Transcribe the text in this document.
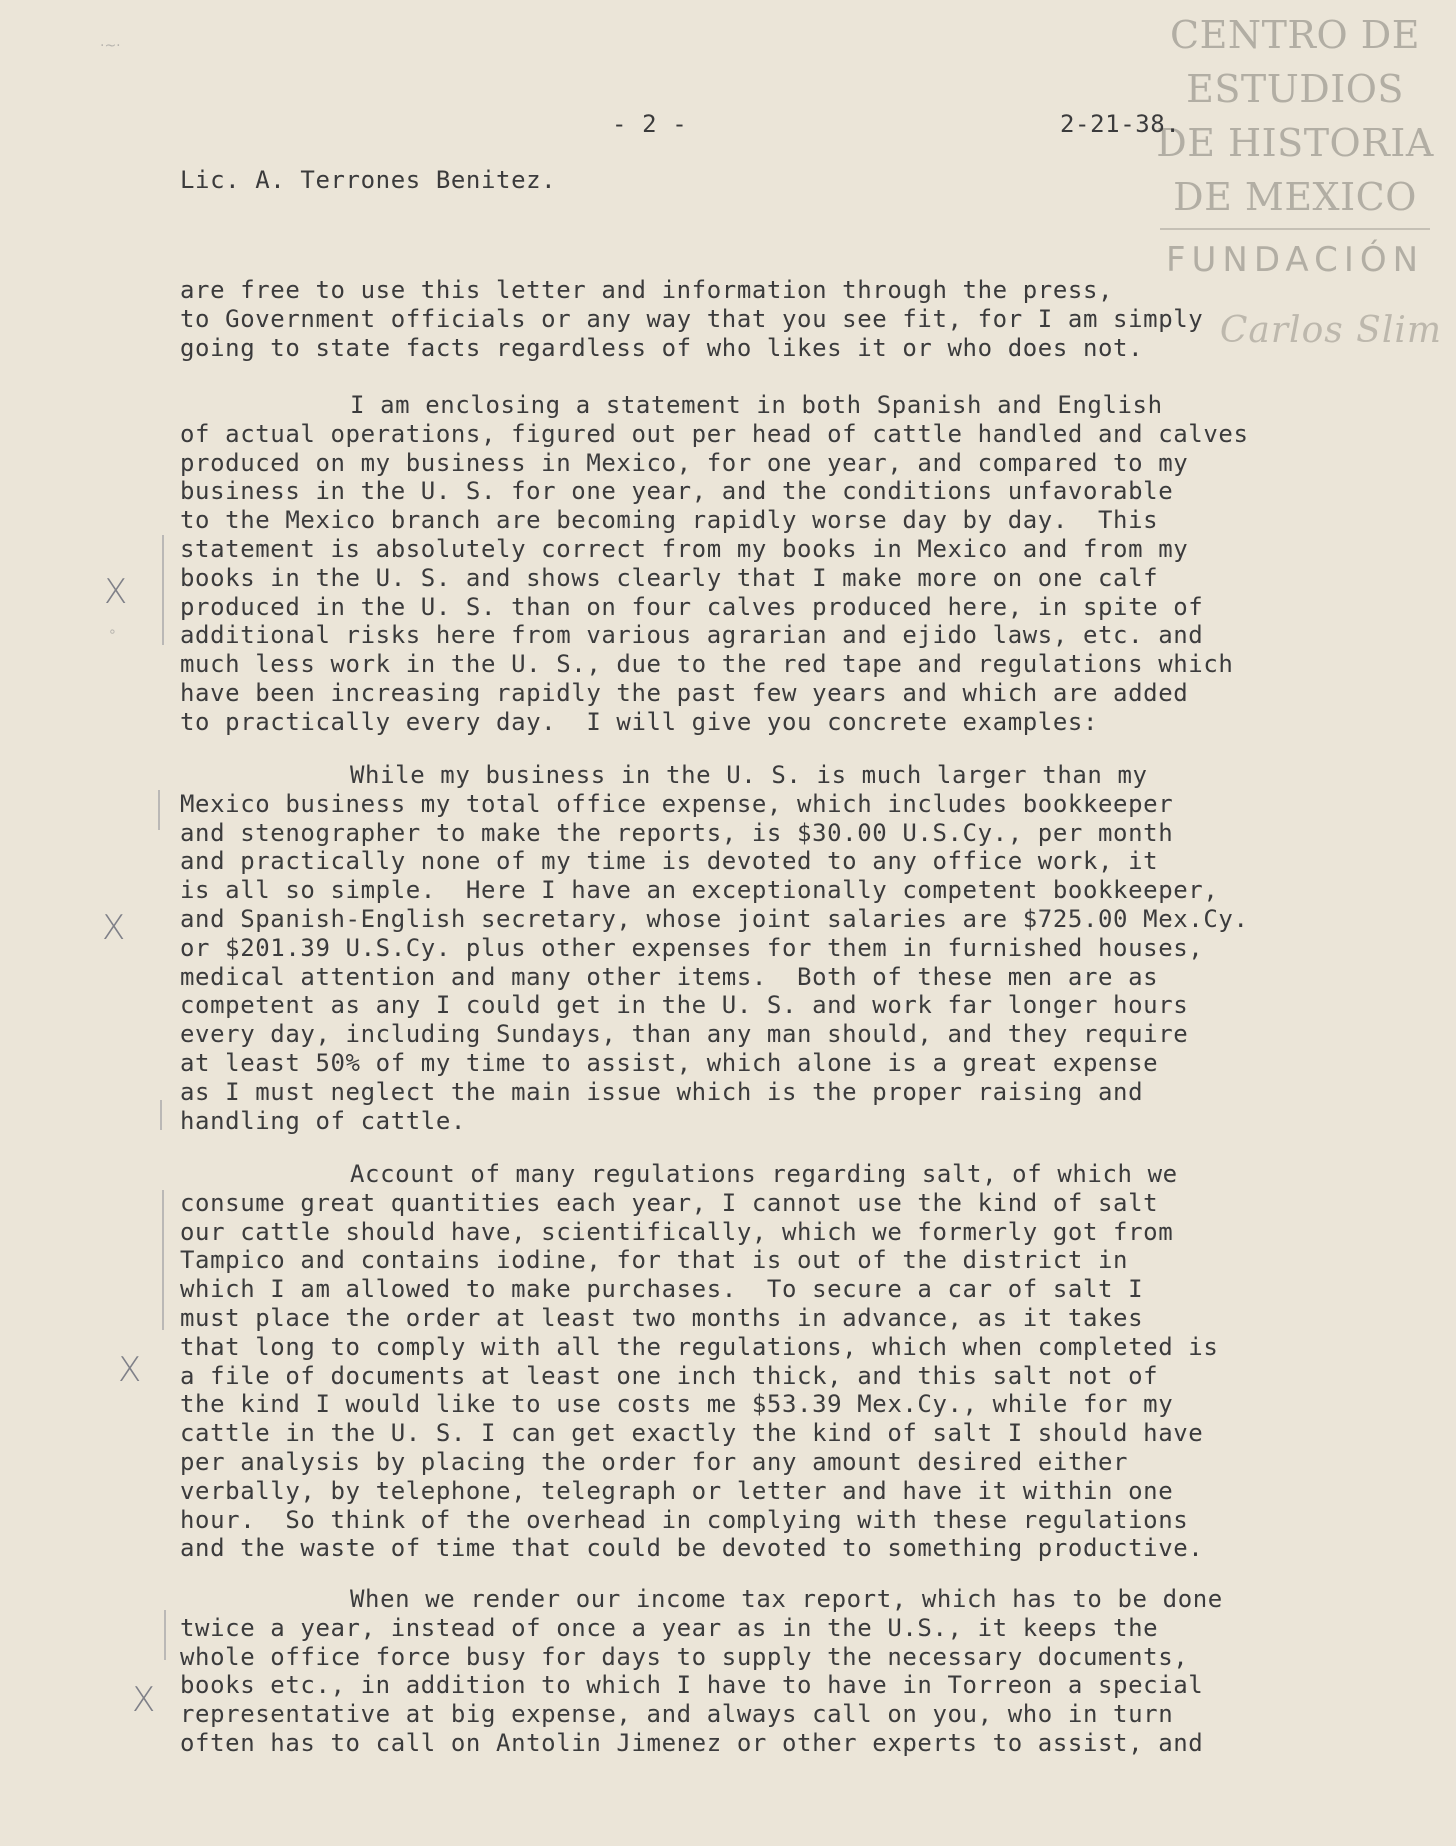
CENTRO DE
ESTUDIOS
DE HISTORIA
DE MEXICO
FUNDACIÓN
Carlos Slim
- 2 -	2-21-38.
Lic. A. Terrones Benitez.
are free to use this letter and information through the press,
to Government officials or any way that you see fit, for I am simply
going to state facts regardless of who likes it or who does not.
I am enclosing a statement in both Spanish and English
of actual operations, figured out per head of cattle handled and calves
produced on my business in Mexico, for one year, and compared to my
business in the U. S. for one year, and the conditions unfavorable
to the Mexico branch are becoming rapidly worse day by day.  This
statement is absolutely correct from my books in Mexico and from my
books in the U. S. and shows clearly that I make more on one calf
produced in the U. S. than on four calves produced here, in spite of
additional risks here from various agrarian and ejido laws, etc. and
much less work in the U. S., due to the red tape and regulations which
have been increasing rapidly the past few years and which are added
to practically every day.  I will give you concrete examples:
While my business in the U. S. is much larger than my
Mexico business my total office expense, which includes bookkeeper
and stenographer to make the reports, is $30.00 U.S.Cy., per month
and practically none of my time is devoted to any office work, it
is all so simple.  Here I have an exceptionally competent bookkeeper,
and Spanish-English secretary, whose joint salaries are $725.00 Mex.Cy.
or $201.39 U.S.Cy. plus other expenses for them in furnished houses,
medical attention and many other items.  Both of these men are as
competent as any I could get in the U. S. and work far longer hours
every day, including Sundays, than any man should, and they require
at least 50% of my time to assist, which alone is a great expense
as I must neglect the main issue which is the proper raising and
handling of cattle.
Account of many regulations regarding salt, of which we
consume great quantities each year, I cannot use the kind of salt
our cattle should have, scientifically, which we formerly got from
Tampico and contains iodine, for that is out of the district in
which I am allowed to make purchases.  To secure a car of salt I
must place the order at least two months in advance, as it takes
that long to comply with all the regulations, which when completed is
a file of documents at least one inch thick, and this salt not of
the kind I would like to use costs me $53.39 Mex.Cy., while for my
cattle in the U. S. I can get exactly the kind of salt I should have
per analysis by placing the order for any amount desired either
verbally, by telephone, telegraph or letter and have it within one
hour.  So think of the overhead in complying with these regulations
and the waste of time that could be devoted to something productive.
When we render our income tax report, which has to be done
twice a year, instead of once a year as in the U.S., it keeps the
whole office force busy for days to supply the necessary documents,
books etc., in addition to which I have to have in Torreon a special
representative at big expense, and always call on you, who in turn
often has to call on Antolin Jimenez or other experts to assist, and
X
X
X
X
·~·
∘
